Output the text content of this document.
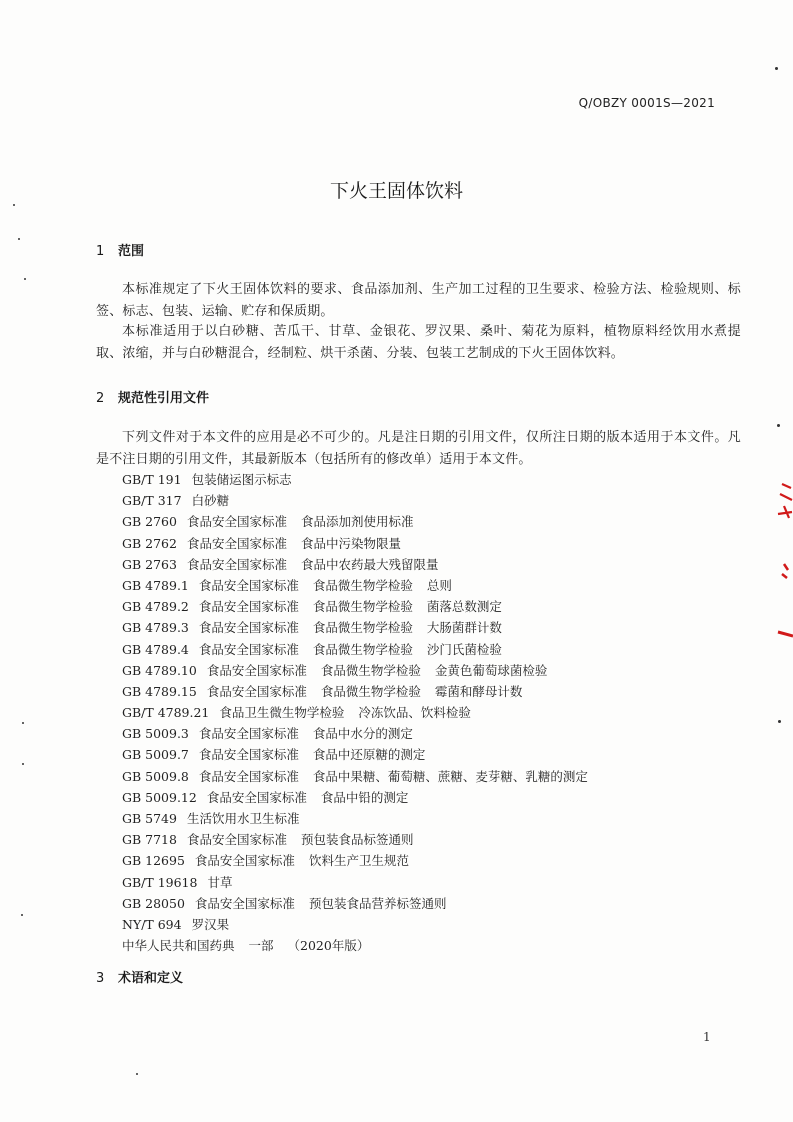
Q/OBZY 0001S—2021
下火王固体饮料
1 范围

本标准规定了下火王固体饮料的要求、食品添加剂、生产加工过程的卫生要求、检验方法、检验规则、标签、标志、包装、运输、贮存和保质期。

本标准适用于以白砂糖、苦瓜干、甘草、金银花、罗汉果、桑叶、菊花为原料，植物原料经饮用水煮提取、浓缩，并与白砂糖混合，经制粒、烘干杀菌、分装、包装工艺制成的下火王固体饮料。

2 规范性引用文件

下列文件对于本文件的应用是必不可少的。凡是注日期的引用文件，仅所注日期的版本适用于本文件。凡是不注日期的引用文件，其最新版本（包括所有的修改单）适用于本文件。

GB/T 191 包装储运图示标志
GB/T 317 白砂糖
GB 2760 食品安全国家标准 食品添加剂使用标准
GB 2762 食品安全国家标准 食品中污染物限量
GB 2763 食品安全国家标准 食品中农药最大残留限量
GB 4789.1 食品安全国家标准 食品微生物学检验 总则
GB 4789.2 食品安全国家标准 食品微生物学检验 菌落总数测定
GB 4789.3 食品安全国家标准 食品微生物学检验 大肠菌群计数
GB 4789.4 食品安全国家标准 食品微生物学检验 沙门氏菌检验
GB 4789.10 食品安全国家标准 食品微生物学检验 金黄色葡萄球菌检验
GB 4789.15 食品安全国家标准 食品微生物学检验 霉菌和酵母计数
GB/T 4789.21 食品卫生微生物学检验 冷冻饮品、饮料检验
GB 5009.3 食品安全国家标准 食品中水分的测定
GB 5009.7 食品安全国家标准 食品中还原糖的测定
GB 5009.8 食品安全国家标准 食品中果糖、葡萄糖、蔗糖、麦芽糖、乳糖的测定
GB 5009.12 食品安全国家标准 食品中铅的测定
GB 5749 生活饮用水卫生标准
GB 7718 食品安全国家标准 预包装食品标签通则
GB 12695 食品安全国家标准 饮料生产卫生规范
GB/T 19618 甘草
GB 28050 食品安全国家标准 预包装食品营养标签通则
NY/T 694 罗汉果
中华人民共和国药典 一部 （2020年版）
3 术语和定义
1
